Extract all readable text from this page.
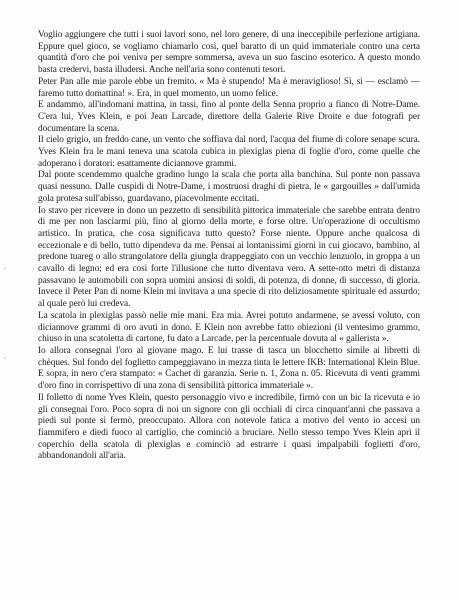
›
›

Voglio aggiungere che tutti i suoi lavori sono, nel loro genere, di una ineccepibile perfezione artigiana. Eppure quel gioco, se vogliamo chiamarlo così, quel baratto di un quid immateriale contro una certa quantità d'oro che poi veniva per sempre sommersa, aveva un suo fascino esoterico. A questo mondo basta credervi, basta illudersi. Anche nell'aria sono contenuti tesori.

Peter Pan alle mie parole ebbe un fremito. « Ma è stupendo! Ma è meraviglioso! Sì, sì — esclamò — faremo tutto domattina! ». Era, in quel momento, un uomo felice.

E andammo, all'indomani mattina, in tassì, fino al ponte della Senna proprio a fianco di Notre-Dame. C'era lui, Yves Klein, e poi Jean Larcade, direttore della Galerie Rive Droite e due fotografi per documentare la scena.

Il cielo grigio, un freddo cane, un vento che soffiava dal nord, l'acqua del fiume di colore senape scura. Yves Klein fra le mani teneva una scatola cubica in plexiglas piena di foglie d'oro, come quelle che adoperano i doratori: esattamente diciannove grammi.

Dal ponte scendemmo qualche gradino lungo la scala che porta alla banchina. Sul ponte non passava quasi nessuno. Dalle cuspidi di Notre-Dame, i mostruosi draghi di pietra, le « gargouilles » dall'umida gola protesa sull'abisso, guardavano, piacevolmente eccitati.

Io stavo per ricevere in dono un pezzetto di sensibilità pittorica immateriale che sarebbe entrata dentro di me per non lasciarmi più, fino al giorno della morte, e forse oltre. Un'operazione di occultismo artistico. In pratica, che cosa significava tutto questo? Forse niente. Oppure anche qualcosa di eccezionale e di bello, tutto dipendeva da me. Pensai ai lontanissimi giorni in cui giocavo, bambino, al predone tuareg o allo strangolatore della giungla drappeggiato con un vecchio lenzuolo, in groppa a un cavallo di legno; ed era così forte l'illusione che tutto diventava vero. A sette-otto metri di distanza passavano le automobili con sopra uomini ansiosi di soldi, di potenza, di donne, di successo, di gloria. Invece il Peter Pan di nome Klein mi invitava a una specie di rito deliziosamente spirituale ed assurdo; al quale però lui credeva.

La scatola in plexiglas passò nelle mie mani. Era mia. Avrei potuto andarmene, se avessi voluto, con diciannove grammi di oro avuti in dono. E Klein non avrebbe fatto obiezioni (il ventesimo grammo, chiuso in una scatoletta di cartone, fu dato a Larcade, per la percentuale dovuta al « gallerista ».

Io allora consegnai l'oro al giovane mago. E lui trasse di tasca un blocchetto simile ai libretti di chèques. Sul fondo del foglietto campeggiavano in mezza tinta le lettere IKB: International Klein Blue. E sopra, in nero c'era stampato: « Cachet di garanzia. Serie n. 1, Zona n. 05. Ricevuta di venti grammi d'oro fino in corrispettivo di una zona di sensibilità pittorica immateriale ».

Il folletto di nome Yves Klein, questo personaggio vivo e incredibile, firmò con un bic la ricevuta e io gli consegnai l'oro. Poco sopra di noi un signore con gli occhiali di circa cinquant'anni che passava a piedi sul ponte si fermò, preoccupato. Allora con notevole fatica a motivo del vento io accesi un fiammifero e diedi fuoco al cartiglio, che cominciò a bruciare. Nello stesso tempo Yves Klein aprì il coperchio della scatola di plexiglas e cominciò ad estrarre i quasi impalpabili foglietti d'oro, abbandonandoli all'aria.
